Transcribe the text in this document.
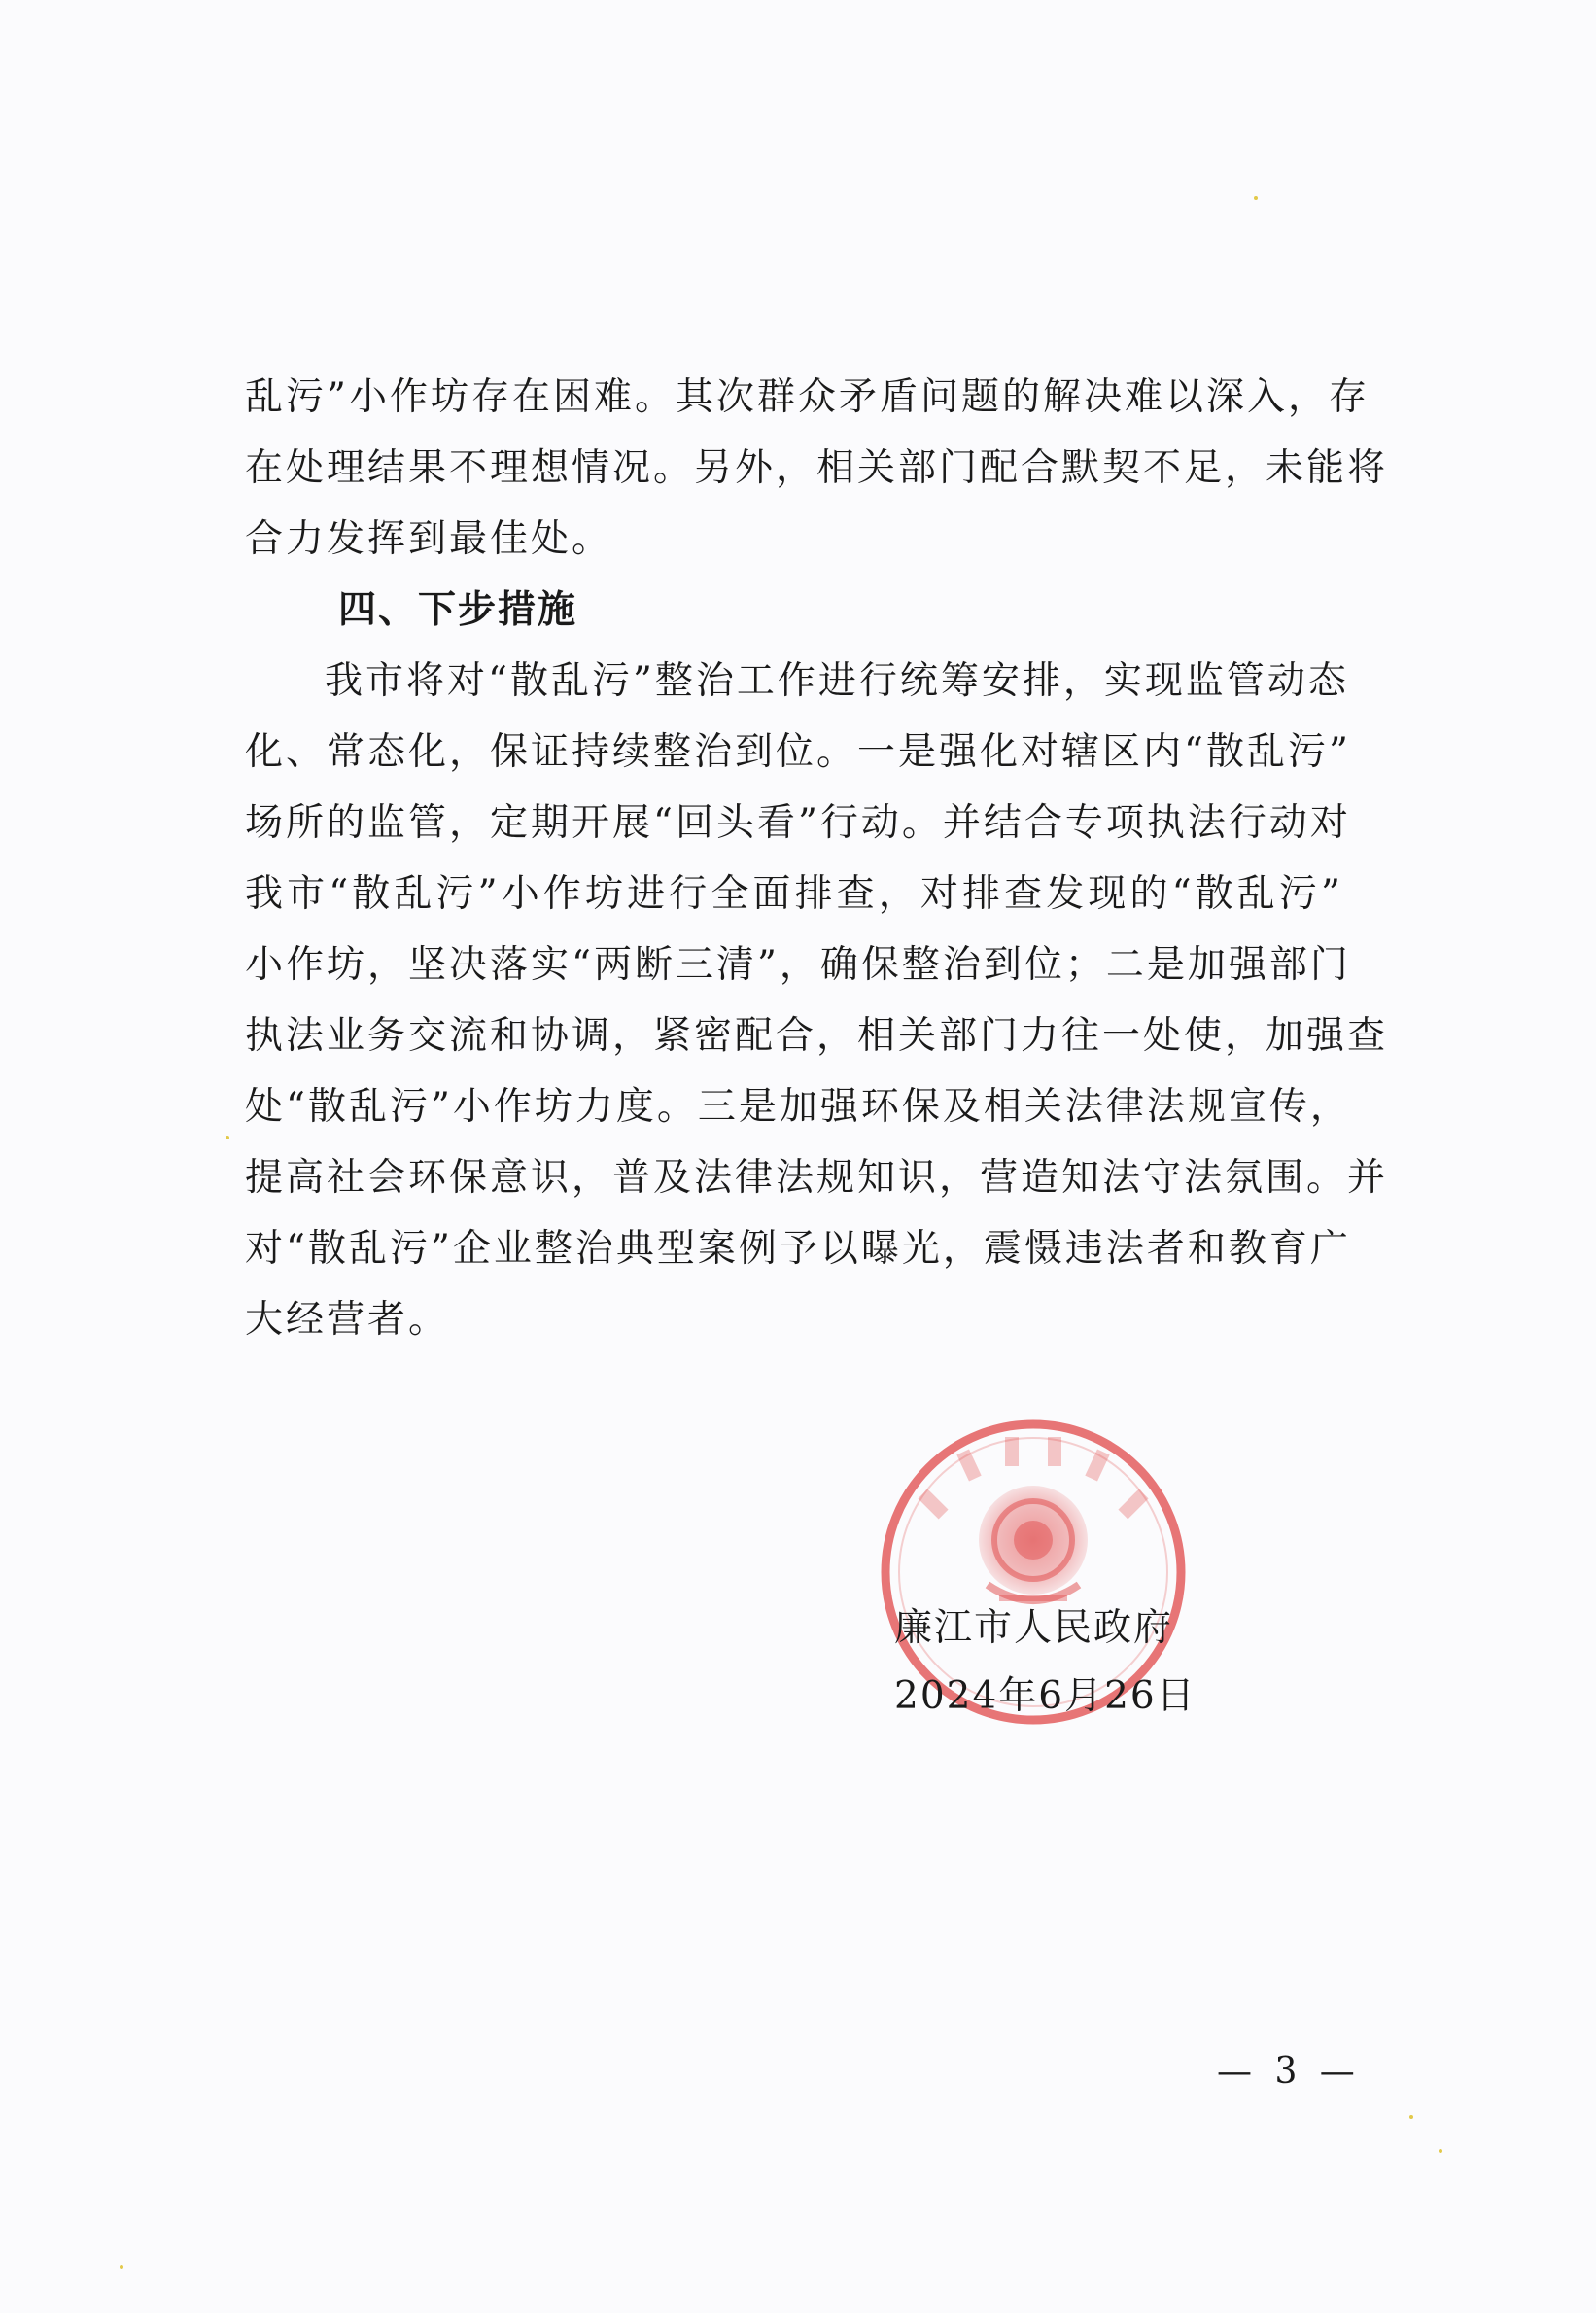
乱污”小作坊存在困难。其次群众矛盾问题的解决难以深入，存
在处理结果不理想情况。另外，相关部门配合默契不足，未能将
合力发挥到最佳处。
四、下步措施
我市将对“散乱污”整治工作进行统筹安排，实现监管动态
化、常态化，保证持续整治到位。一是强化对辖区内“散乱污”
场所的监管，定期开展“回头看”行动。并结合专项执法行动对
我市“散乱污”小作坊进行全面排查，对排查发现的“散乱污”
小作坊，坚决落实“两断三清”，确保整治到位；二是加强部门
执法业务交流和协调，紧密配合，相关部门力往一处使，加强查
处“散乱污”小作坊力度。三是加强环保及相关法律法规宣传，
提高社会环保意识，普及法律法规知识，营造知法守法氛围。并
对“散乱污”企业整治典型案例予以曝光，震慑违法者和教育广
大经营者。
廉江市人民政府
2024年6月26日
— 3 —
